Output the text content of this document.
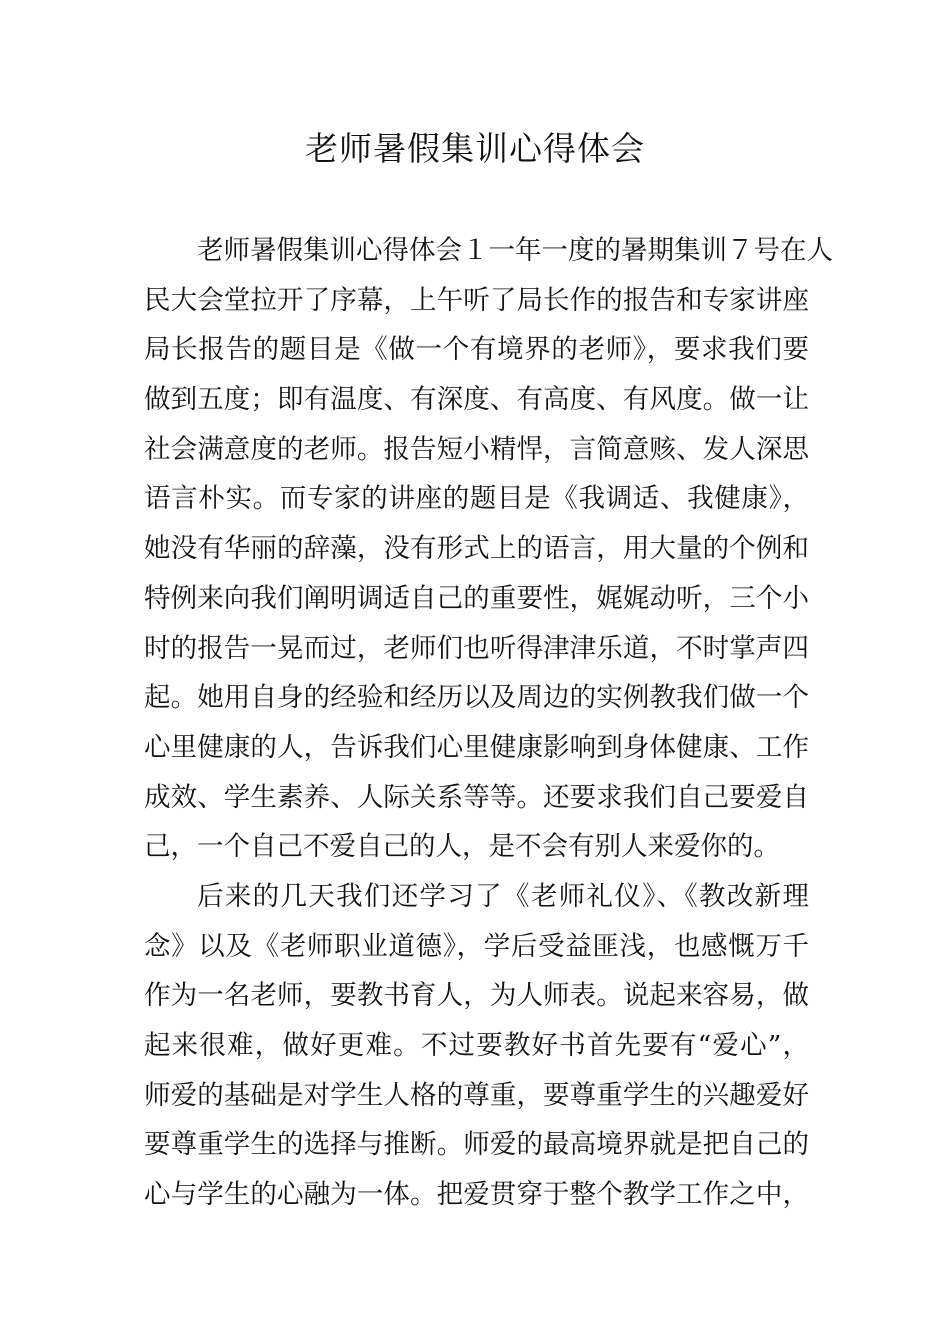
老师暑假集训心得体会
老师暑假集训心得体会１一年一度的暑期集训７号在人
民大会堂拉开了序幕，上午听了局长作的报告和专家讲座
局长报告的题目是《做一个有境界的老师》，要求我们要
做到五度；即有温度、有深度、有高度、有风度。做一让
社会满意度的老师。报告短小精悍，言简意赅、发人深思
语言朴实。而专家的讲座的题目是《我调适、我健康》，
她没有华丽的辞藻，没有形式上的语言，用大量的个例和
特例来向我们阐明调适自己的重要性，娓娓动听，三个小
时的报告一晃而过，老师们也听得津津乐道，不时掌声四
起。她用自身的经验和经历以及周边的实例教我们做一个
心里健康的人，告诉我们心里健康影响到身体健康、工作
成效、学生素养、人际关系等等。还要求我们自己要爱自
己，一个自己不爱自己的人，是不会有别人来爱你的。
后来的几天我们还学习了《老师礼仪》、《教改新理
念》以及《老师职业道德》，学后受益匪浅，也感慨万千
作为一名老师，要教书育人，为人师表。说起来容易，做
起来很难，做好更难。不过要教好书首先要有“爱心”，
师爱的基础是对学生人格的尊重，要尊重学生的兴趣爱好
要尊重学生的选择与推断。师爱的最高境界就是把自己的
心与学生的心融为一体。把爱贯穿于整个教学工作之中，
